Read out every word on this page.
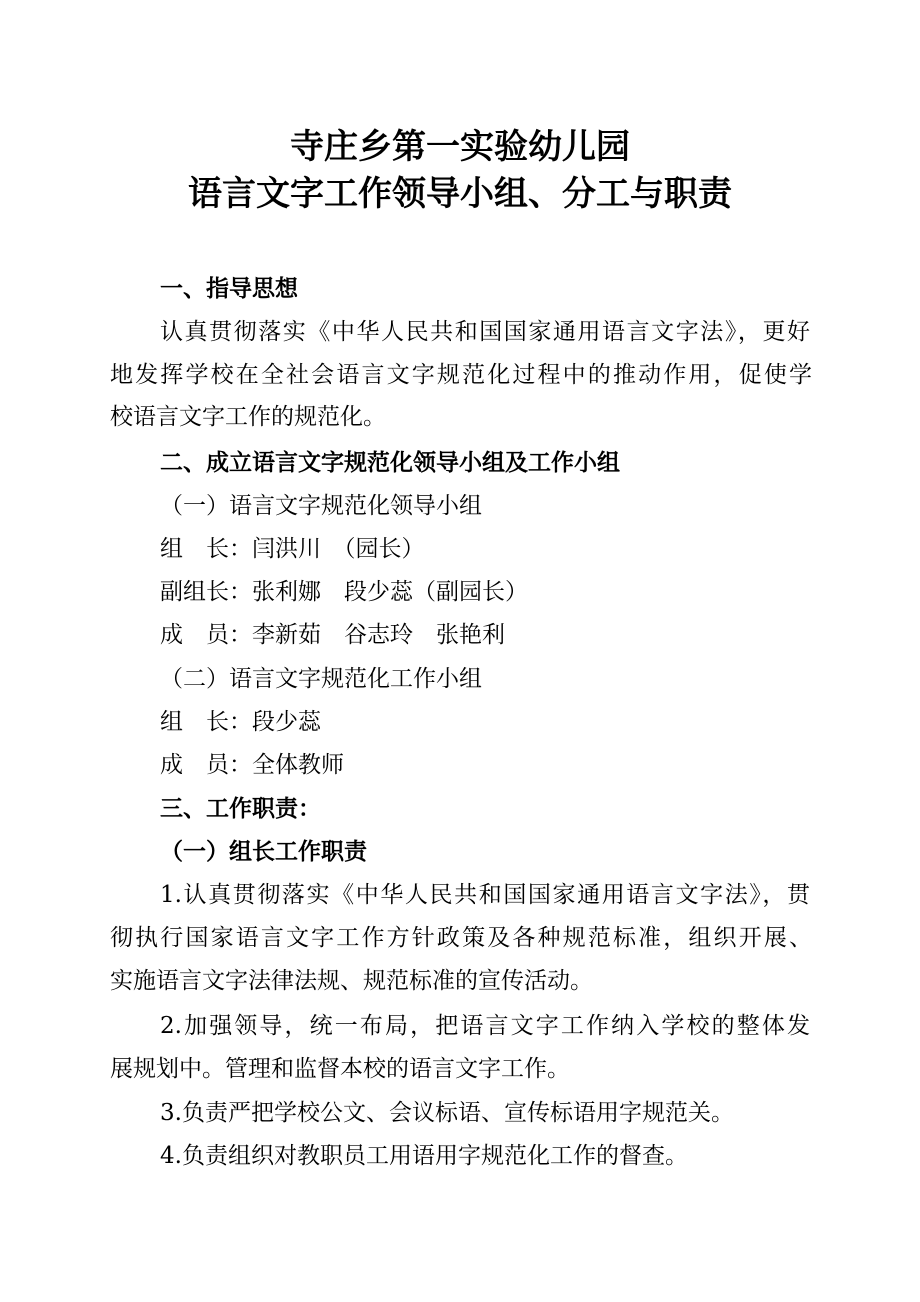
寺庄乡第一实验幼儿园
语言文字工作领导小组、分工与职责

一、指导思想

认真贯彻落实《中华人民共和国国家通用语言文字法》，更好

地发挥学校在全社会语言文字规范化过程中的推动作用，促使学

校语言文字工作的规范化。

二、成立语言文字规范化领导小组及工作小组

（一）语言文字规范化领导小组

组　长：闫洪川　（园长）

副组长：张利娜　段少蕊（副园长）

成　员：李新茹　谷志玲　张艳利

（二）语言文字规范化工作小组

组　长：段少蕊

成　员：全体教师

三、工作职责：

（一）组长工作职责

1.认真贯彻落实《中华人民共和国国家通用语言文字法》，贯

彻执行国家语言文字工作方针政策及各种规范标准，组织开展、

实施语言文字法律法规、规范标准的宣传活动。

2.加强领导，统一布局，把语言文字工作纳入学校的整体发

展规划中。管理和监督本校的语言文字工作。

3.负责严把学校公文、会议标语、宣传标语用字规范关。

4.负责组织对教职员工用语用字规范化工作的督查。
